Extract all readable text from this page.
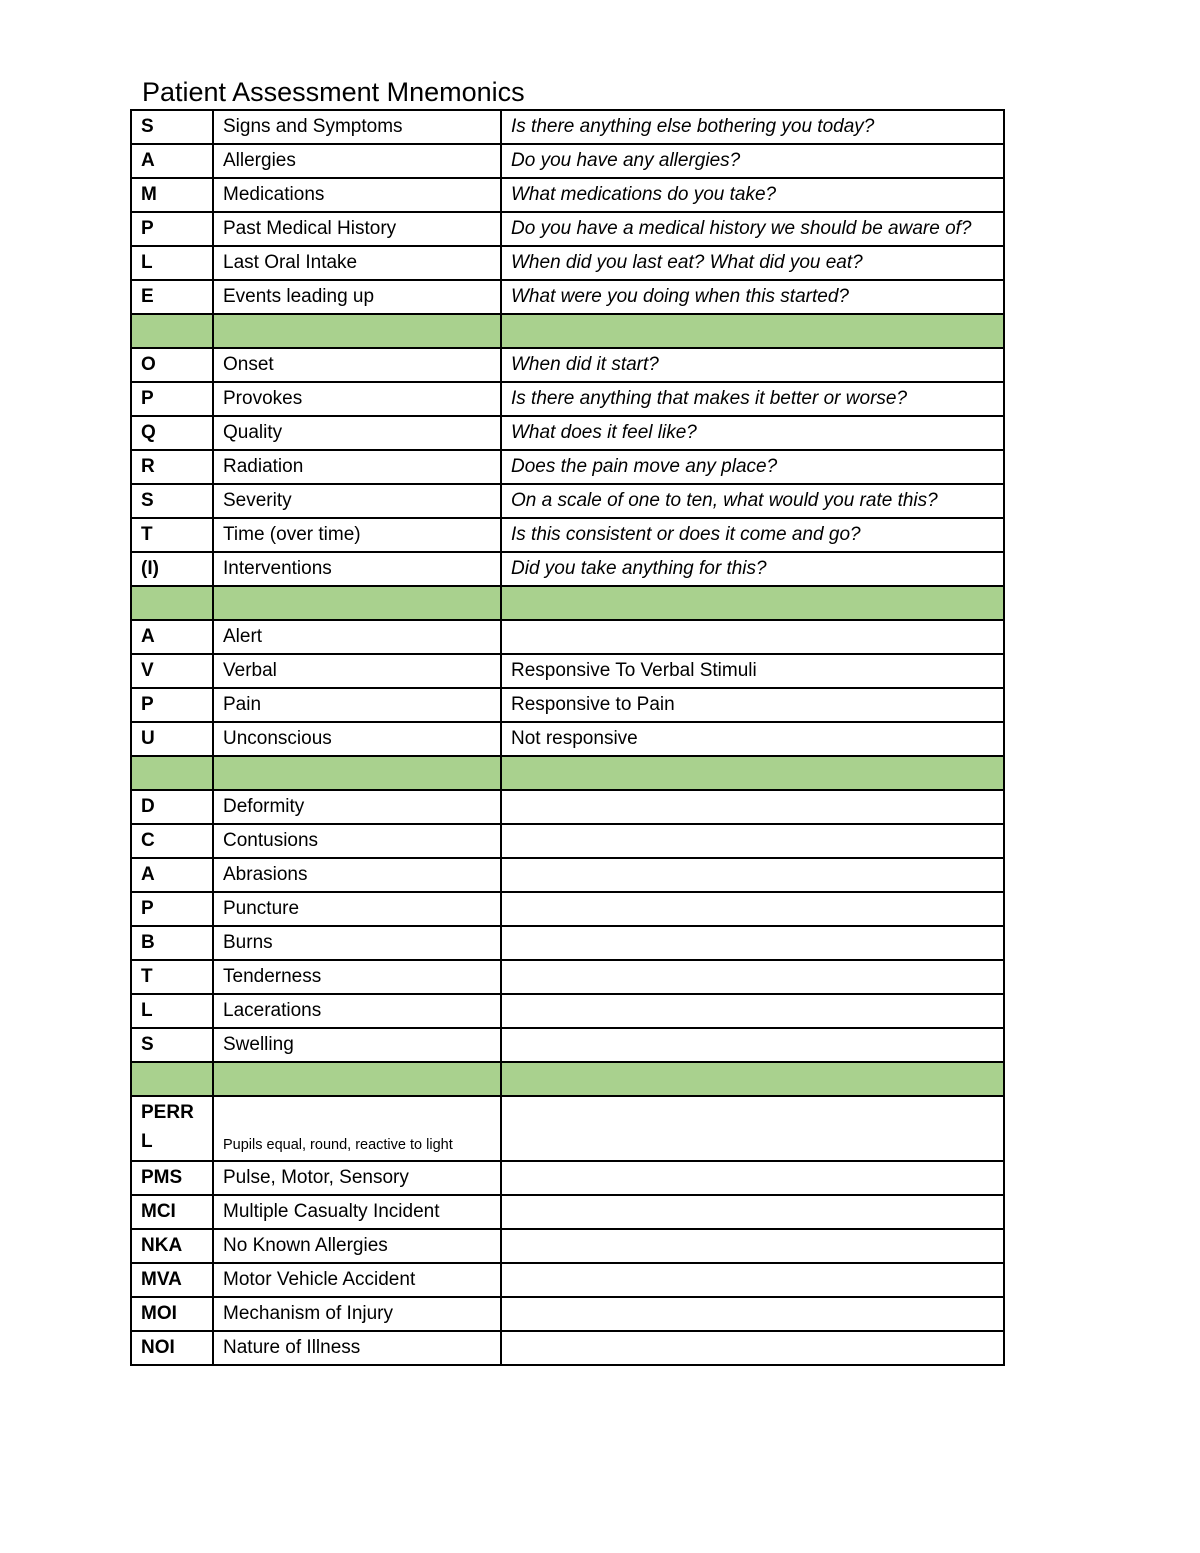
Patient Assessment Mnemonics
S	Signs and Symptoms	Is there anything else bothering you today?
A	Allergies	Do you have any allergies?
M	Medications	What medications do you take?
P	Past Medical History	Do you have a medical history we should be aware of?
L	Last Oral Intake	When did you last eat? What did you eat?
E	Events leading up	What were you doing when this started?

O	Onset	When did it start?
P	Provokes	Is there anything that makes it better or worse?
Q	Quality	What does it feel like?
R	Radiation	Does the pain move any place?
S	Severity	On a scale of one to ten, what would you rate this?
T	Time (over time)	Is this consistent or does it come and go?
(I)	Interventions	Did you take anything for this?

A	Alert	
V	Verbal	Responsive To Verbal Stimuli
P	Pain	Responsive to Pain
U	Unconscious	Not responsive

D	Deformity	
C	Contusions	
A	Abrasions	
P	Puncture	
B	Burns	
T	Tenderness	
L	Lacerations	
S	Swelling	

PERR L	Pupils equal, round, reactive to light	
PMS	Pulse, Motor, Sensory	
MCI	Multiple Casualty Incident	
NKA	No Known Allergies	
MVA	Motor Vehicle Accident	
MOI	Mechanism of Injury	
NOI	Nature of Illness	
